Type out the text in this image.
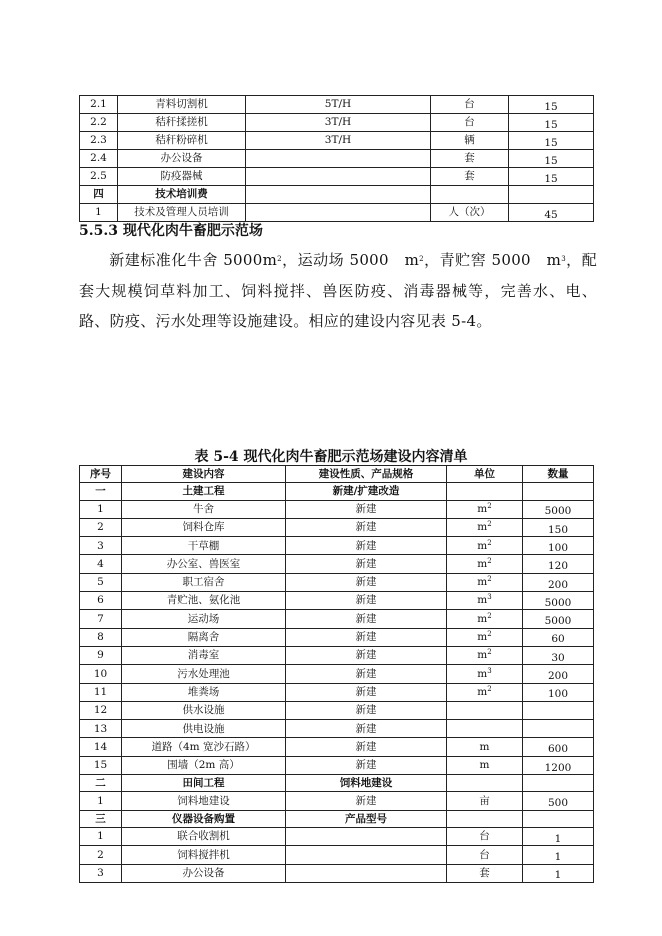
2.1	青料切割机	5T/H	台	15
2.2	秸秆揉搓机	3T/H	台	15
2.3	秸秆粉碎机	3T/H	辆	15
2.4	办公设备		套	15
2.5	防疫器械		套	15
四	技术培训费			
1	技术及管理人员培训		人（次）	45
5.5.3 现代化肉牛畜肥示范场
新建标准化牛舍 $5000m^2$，运动场 5000　$m^2$，青贮窖 5000　$m^3$，配套大规模饲草料加工、饲料搅拌、兽医防疫、消毒器械等，完善水、电、路、防疫、污水处理等设施建设。相应的建设内容见表 5-4。
表 5-4 现代化肉牛畜肥示范场建设内容清单
序号	建设内容	建设性质、产品规格	单位	数量
一	土建工程	新建/扩建改造		
1	牛舍	新建	$m^2$	5000
2	饲料仓库	新建	$m^2$	150
3	干草棚	新建	$m^2$	100
4	办公室、兽医室	新建	$m^2$	120
5	职工宿舍	新建	$m^2$	200
6	青贮池、氨化池	新建	$m^3$	5000
7	运动场	新建	$m^2$	5000
8	隔离舍	新建	$m^2$	60
9	消毒室	新建	$m^2$	30
10	污水处理池	新建	$m^3$	200
11	堆粪场	新建	$m^2$	100
12	供水设施	新建		
13	供电设施	新建		
14	道路（4m 宽沙石路）	新建	m	600
15	围墙（2m 高）	新建	m	1200
二	田间工程	饲料地建设		
1	饲料地建设	新建	亩	500
三	仪器设备购置	产品型号		
1	联合收割机		台	1
2	饲料搅拌机		台	1
3	办公设备		套	1
